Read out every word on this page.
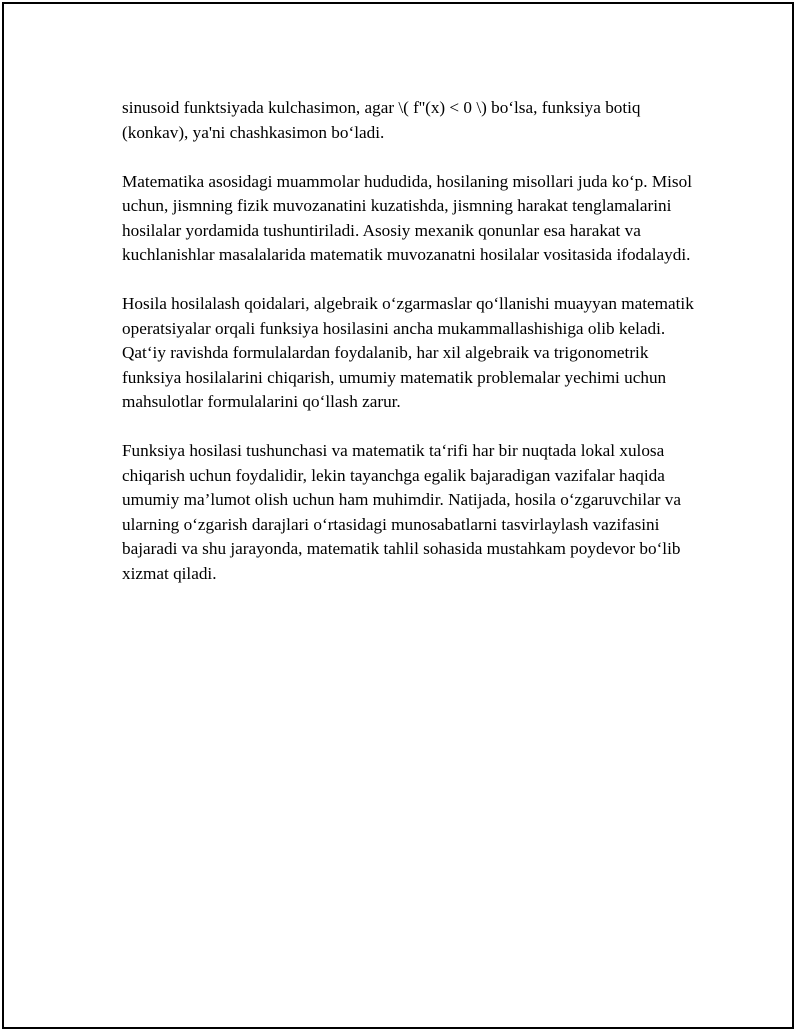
sinusoid funktsiyada kulchasimon, agar \( f''(x) < 0 \) bo‘lsa, funksiya botiq (konkav), ya'ni chashkasimon bo‘ladi.

Matematika asosidagi muammolar hududida, hosilaning misollari juda ko‘p. Misol uchun, jismning fizik muvozanatini kuzatishda, jismning harakat tenglamalarini hosilalar yordamida tushuntiriladi. Asosiy mexanik qonunlar esa harakat va kuchlanishlar masalalarida matematik muvozanatni hosilalar vositasida ifodalaydi.

Hosila hosilalash qoidalari, algebraik o‘zgarmaslar qo‘llanishi muayyan matematik operatsiyalar orqali funksiya hosilasini ancha mukammallashishiga olib keladi. Qat‘iy ravishda formulalardan foydalanib, har xil algebraik va trigonometrik funksiya hosilalarini chiqarish, umumiy matematik problemalar yechimi uchun mahsulotlar formulalarini qo‘llash zarur.

Funksiya hosilasi tushunchasi va matematik ta‘rifi har bir nuqtada lokal xulosa chiqarish uchun foydalidir, lekin tayanchga egalik bajaradigan vazifalar haqida umumiy ma’lumot olish uchun ham muhimdir. Natijada, hosila o‘zgaruvchilar va ularning o‘zgarish darajlari o‘rtasidagi munosabatlarni tasvirlaylash vazifasini bajaradi va shu jarayonda, matematik tahlil sohasida mustahkam poydevor bo‘lib xizmat qiladi.
